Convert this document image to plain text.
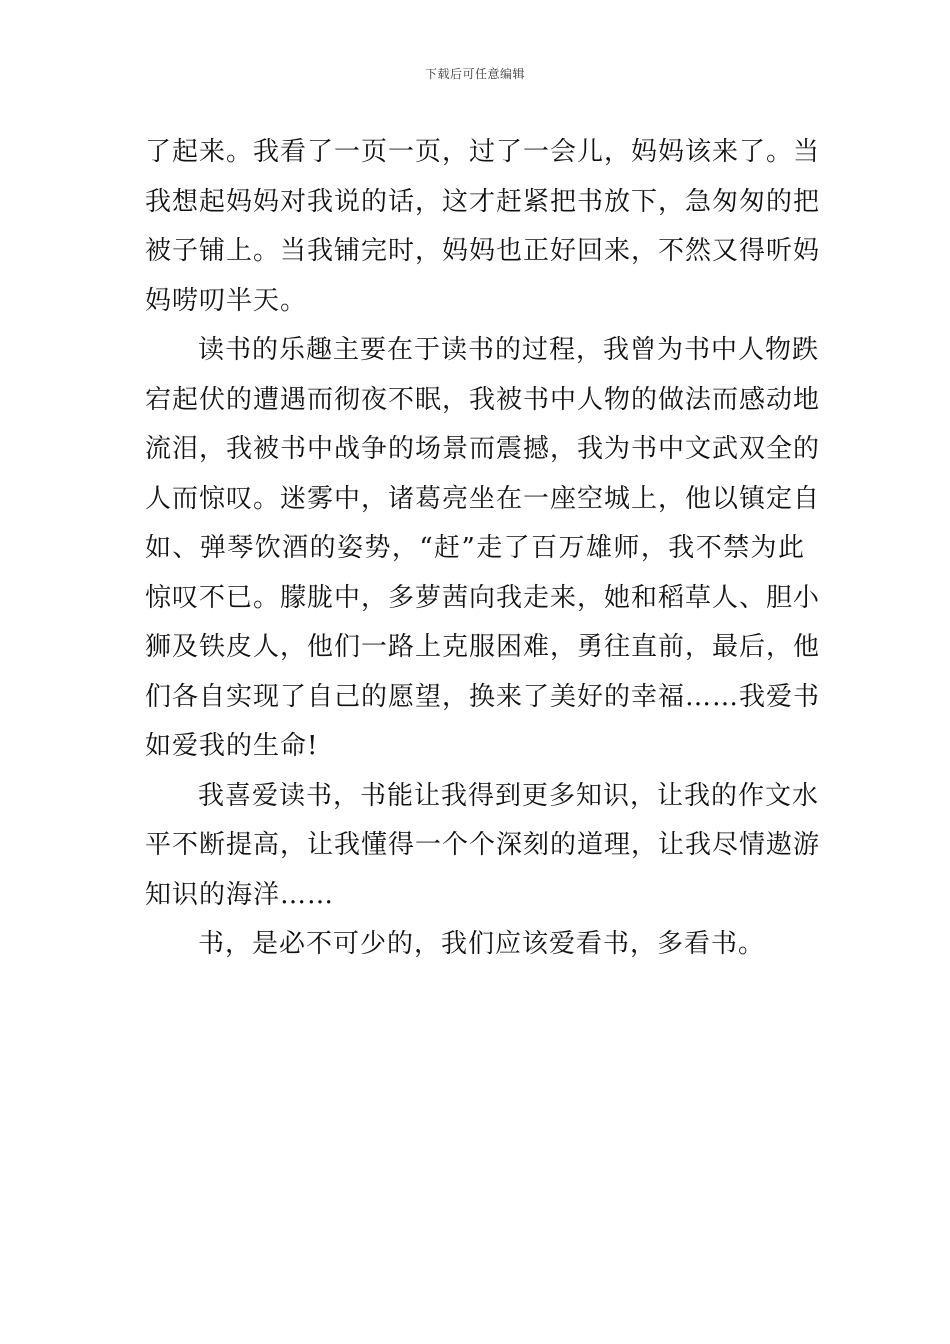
下载后可任意编辑
了起来。我看了一页一页，过了一会儿，妈妈该来了。当
我想起妈妈对我说的话，这才赶紧把书放下，急匆匆的把
被子铺上。当我铺完时，妈妈也正好回来，不然又得听妈
妈唠叨半天。
读书的乐趣主要在于读书的过程，我曾为书中人物跌
宕起伏的遭遇而彻夜不眠，我被书中人物的做法而感动地
流泪，我被书中战争的场景而震撼，我为书中文武双全的
人而惊叹。迷雾中，诸葛亮坐在一座空城上，他以镇定自
如、弹琴饮酒的姿势，“赶”走了百万雄师，我不禁为此
惊叹不已。朦胧中，多萝茜向我走来，她和稻草人、胆小
狮及铁皮人，他们一路上克服困难，勇往直前，最后，他
们各自实现了自己的愿望，换来了美好的幸福……我爱书
如爱我的生命!
我喜爱读书，书能让我得到更多知识，让我的作文水
平不断提高，让我懂得一个个深刻的道理，让我尽情遨游
知识的海洋……
书，是必不可少的，我们应该爱看书，多看书。
